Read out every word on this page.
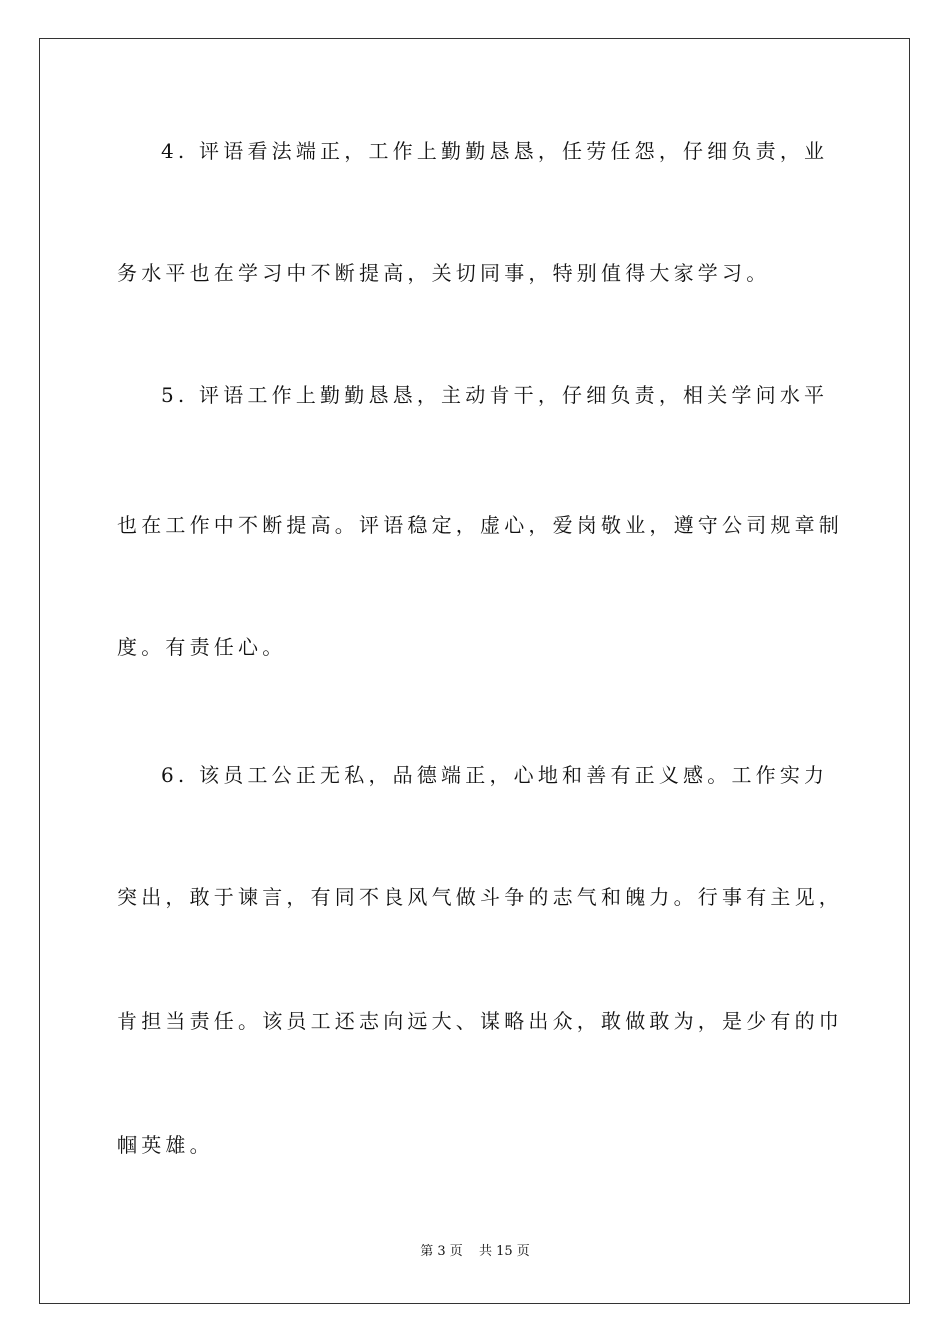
4. 评语看法端正，工作上勤勤恳恳，任劳任怨，仔细负责，业
务水平也在学习中不断提高，关切同事，特别值得大家学习。
5. 评语工作上勤勤恳恳，主动肯干，仔细负责，相关学问水平
也在工作中不断提高。评语稳定，虚心，爱岗敬业，遵守公司规章制
度。有责任心。
6. 该员工公正无私，品德端正，心地和善有正义感。工作实力
突出，敢于谏言，有同不良风气做斗争的志气和魄力。行事有主见，
肯担当责任。该员工还志向远大、谋略出众，敢做敢为，是少有的巾
帼英雄。
第 3 页 共 15 页
